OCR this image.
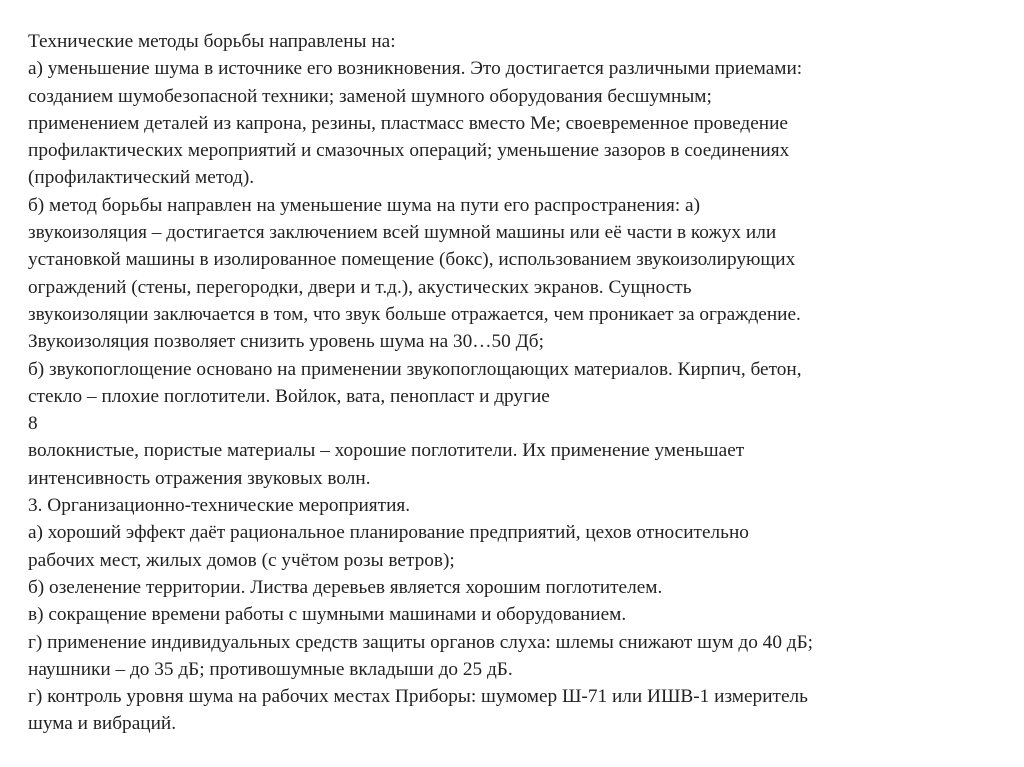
Технические методы борьбы направлены на:
а) уменьшение шума в источнике его возникновения. Это достигается различными приемами:
созданием шумобезопасной техники; заменой шумного оборудования бесшумным;
применением деталей из капрона, резины, пластмасс вместо Ме; своевременное проведение
профилактических мероприятий и смазочных операций; уменьшение зазоров в соединениях
(профилактический метод).
б) метод борьбы направлен на уменьшение шума на пути его распространения: а)
звукоизоляция – достигается заключением всей шумной машины или её части в кожух или
установкой машины в изолированное помещение (бокс), использованием звукоизолирующих
ограждений (стены, перегородки, двери и т.д.), акустических экранов. Сущность
звукоизоляции заключается в том, что звук больше отражается, чем проникает за ограждение.
Звукоизоляция позволяет снизить уровень шума на 30…50 Дб;
б) звукопоглощение основано на применении звукопоглощающих материалов. Кирпич, бетон,
стекло – плохие поглотители. Войлок, вата, пенопласт и другие
8
волокнистые, пористые материалы – хорошие поглотители. Их применение уменьшает
интенсивность отражения звуковых волн.
3. Организационно-технические мероприятия.
а) хороший эффект даёт рациональное планирование предприятий, цехов относительно
рабочих мест, жилых домов (с учётом розы ветров);
б) озеленение территории. Листва деревьев является хорошим поглотителем.
в) сокращение времени работы с шумными машинами и оборудованием.
г) применение индивидуальных средств защиты органов слуха: шлемы снижают шум до 40 дБ;
наушники – до 35 дБ; противошумные вкладыши до 25 дБ.
г) контроль уровня шума на рабочих местах Приборы: шумомер Ш-71 или ИШВ-1 измеритель
шума и вибраций.
